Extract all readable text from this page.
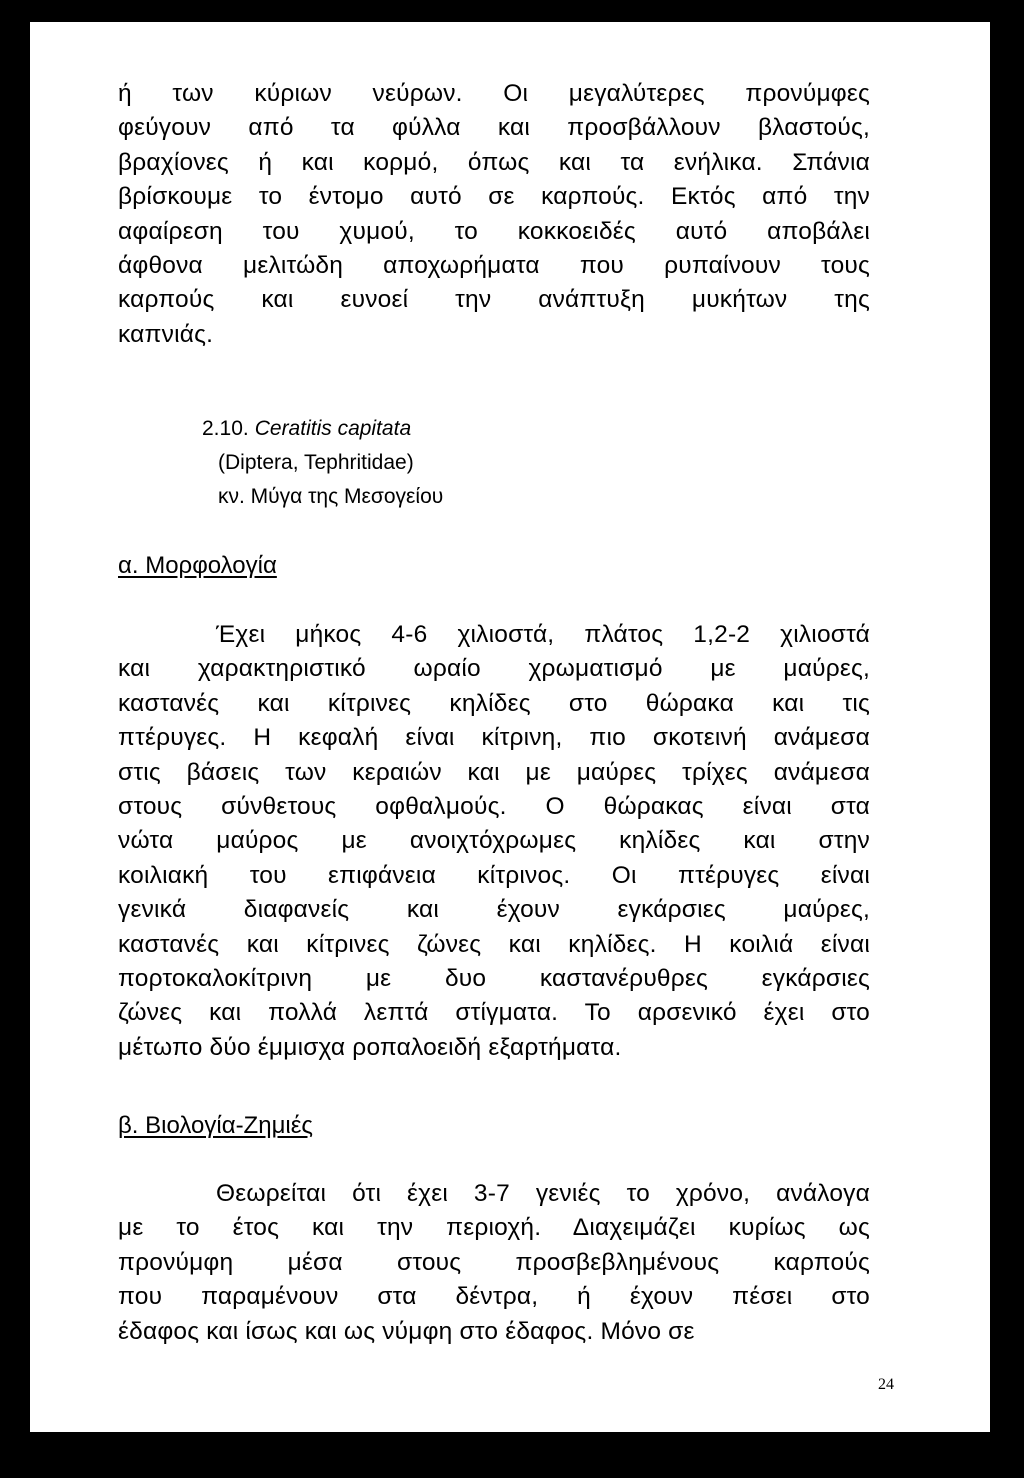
ή των κύριων νεύρων. Οι μεγαλύτερες προνύμφες
φεύγουν από τα φύλλα και προσβάλλουν βλαστούς,
βραχίονες ή και κορμό, όπως και τα ενήλικα. Σπάνια
βρίσκουμε το έντομο αυτό σε καρπούς. Εκτός από την
αφαίρεση του χυμού, το κοκκοειδές αυτό αποβάλει
άφθονα μελιτώδη αποχωρήματα που ρυπαίνουν τους
καρπούς και ευνοεί την ανάπτυξη μυκήτων της
καπνιάς.

2.10. Ceratitis capitata
(Diptera, Tephritidae)
κν. Μύγα της Μεσογείου
α. Μορφολογία

Έχει μήκος 4-6 χιλιοστά, πλάτος 1,2-2 χιλιοστά
και χαρακτηριστικό ωραίο χρωματισμό με μαύρες,
καστανές και κίτρινες κηλίδες στο θώρακα και τις
πτέρυγες. Η κεφαλή είναι κίτρινη, πιο σκοτεινή ανάμεσα
στις βάσεις των κεραιών και με μαύρες τρίχες ανάμεσα
στους σύνθετους οφθαλμούς. Ο θώρακας είναι στα
νώτα μαύρος με ανοιχτόχρωμες κηλίδες και στην
κοιλιακή του επιφάνεια κίτρινος. Οι πτέρυγες είναι
γενικά διαφανείς και έχουν εγκάρσιες μαύρες,
καστανές και κίτρινες ζώνες και κηλίδες. Η κοιλιά είναι
πορτοκαλοκίτρινη με δυο καστανέρυθρες εγκάρσιες
ζώνες και πολλά λεπτά στίγματα. Το αρσενικό έχει στο
μέτωπο δύο έμμισχα ροπαλοειδή εξαρτήματα.

β. Βιολογία-Ζημιές

Θεωρείται ότι έχει 3-7 γενιές το χρόνο, ανάλογα
με το έτος και την περιοχή. Διαχειμάζει κυρίως ως
προνύμφη μέσα στους προσβεβλημένους καρπούς
που παραμένουν στα δέντρα, ή έχουν πέσει στο
έδαφος και ίσως και ως νύμφη στο έδαφος. Μόνο σε

24
